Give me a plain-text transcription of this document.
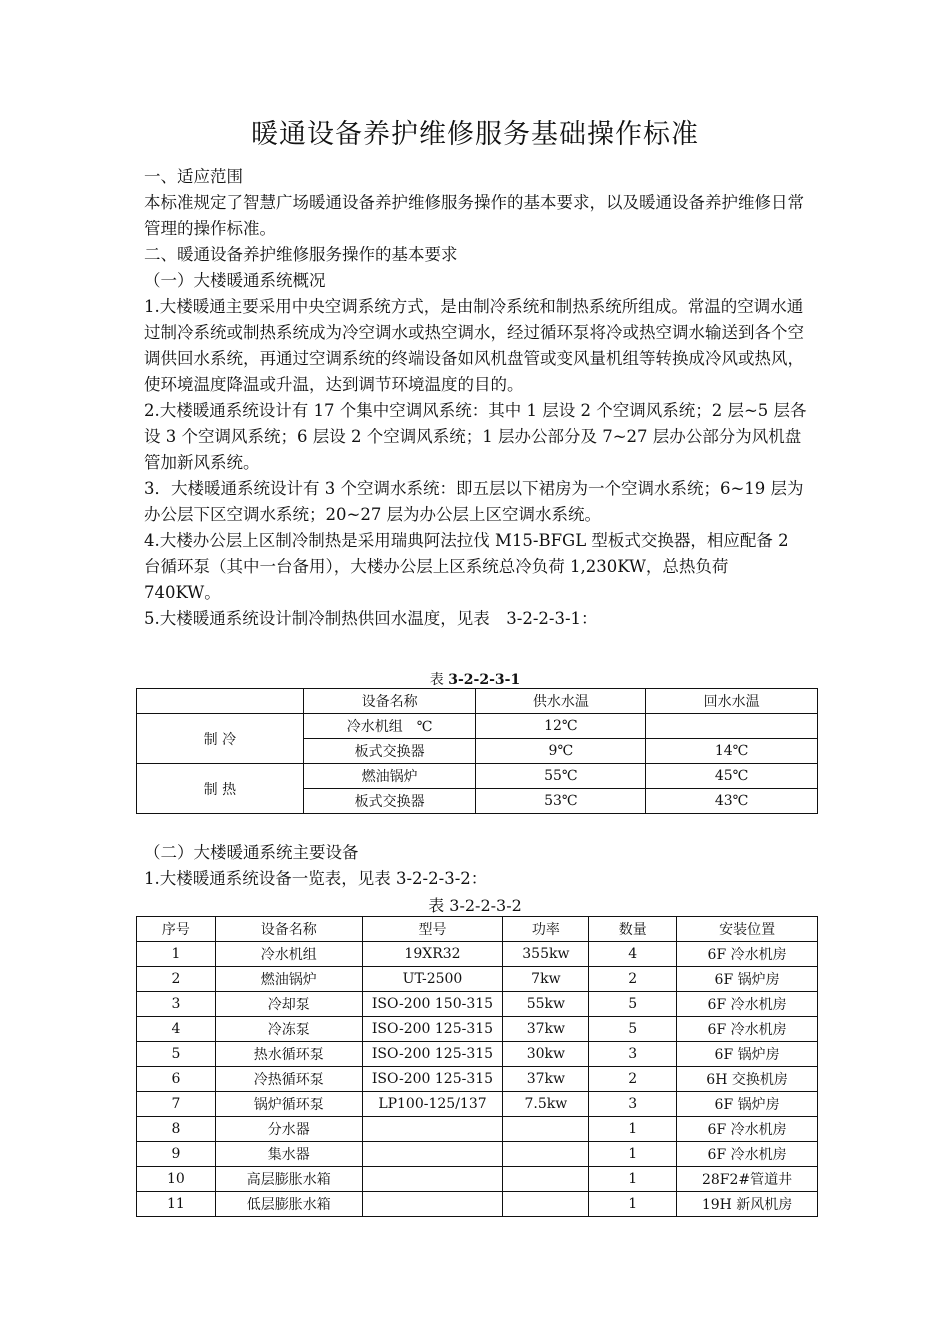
暖通设备养护维修服务基础操作标准

一、适应范围

本标准规定了智慧广场暖通设备养护维修服务操作的基本要求，以及暖通设备养护维修日常管理的操作标准。

二、暖通设备养护维修服务操作的基本要求

（一）大楼暖通系统概况

1.大楼暖通主要采用中央空调系统方式，是由制冷系统和制热系统所组成。常温的空调水通过制冷系统或制热系统成为冷空调水或热空调水，经过循环泵将冷或热空调水输送到各个空调供回水系统，再通过空调系统的终端设备如风机盘管或变风量机组等转换成冷风或热风，使环境温度降温或升温，达到调节环境温度的目的。

2.大楼暖通系统设计有 17 个集中空调风系统：其中 1 层设 2 个空调风系统；2 层~5 层各设 3 个空调风系统；6 层设 2 个空调风系统；1 层办公部分及 7~27 层办公部分为风机盘管加新风系统。

3．大楼暖通系统设计有 3 个空调水系统：即五层以下裙房为一个空调水系统；6~19 层为办公层下区空调水系统；20~27 层为办公层上区空调水系统。

4.大楼办公层上区制冷制热是采用瑞典阿法拉伐 M15-BFGL 型板式交换器，相应配备 2 台循环泵（其中一台备用），大楼办公层上区系统总冷负荷 1,230KW，总热负荷 740KW。

5.大楼暖通系统设计制冷制热供回水温度，见表　3-2-2-3-1：

表 3-2-2-3-1
	设备名称	供水水温	回水水温
制 冷	冷水机组　℃	12℃	
	板式交换器	9℃	14℃
制 热	燃油锅炉	55℃	45℃
	板式交换器	53℃	43℃

（二）大楼暖通系统主要设备

1.大楼暖通系统设备一览表，见表 3-2-2-3-2：

表 3-2-2-3-2
序号	设备名称	型号	功率	数量	安装位置
1	冷水机组	19XR32	355kw	4	6F 冷水机房
2	燃油锅炉	UT-2500	7kw	2	6F 锅炉房
3	冷却泵	ISO-200 150-315	55kw	5	6F 冷水机房
4	冷冻泵	ISO-200 125-315	37kw	5	6F 冷水机房
5	热水循环泵	ISO-200 125-315	30kw	3	6F 锅炉房
6	冷热循环泵	ISO-200 125-315	37kw	2	6H 交换机房
7	锅炉循环泵	LP100-125/137	7.5kw	3	6F 锅炉房
8	分水器			1	6F 冷水机房
9	集水器			1	6F 冷水机房
10	高层膨胀水箱			1	28F2#管道井
11	低层膨胀水箱			1	19H 新风机房
